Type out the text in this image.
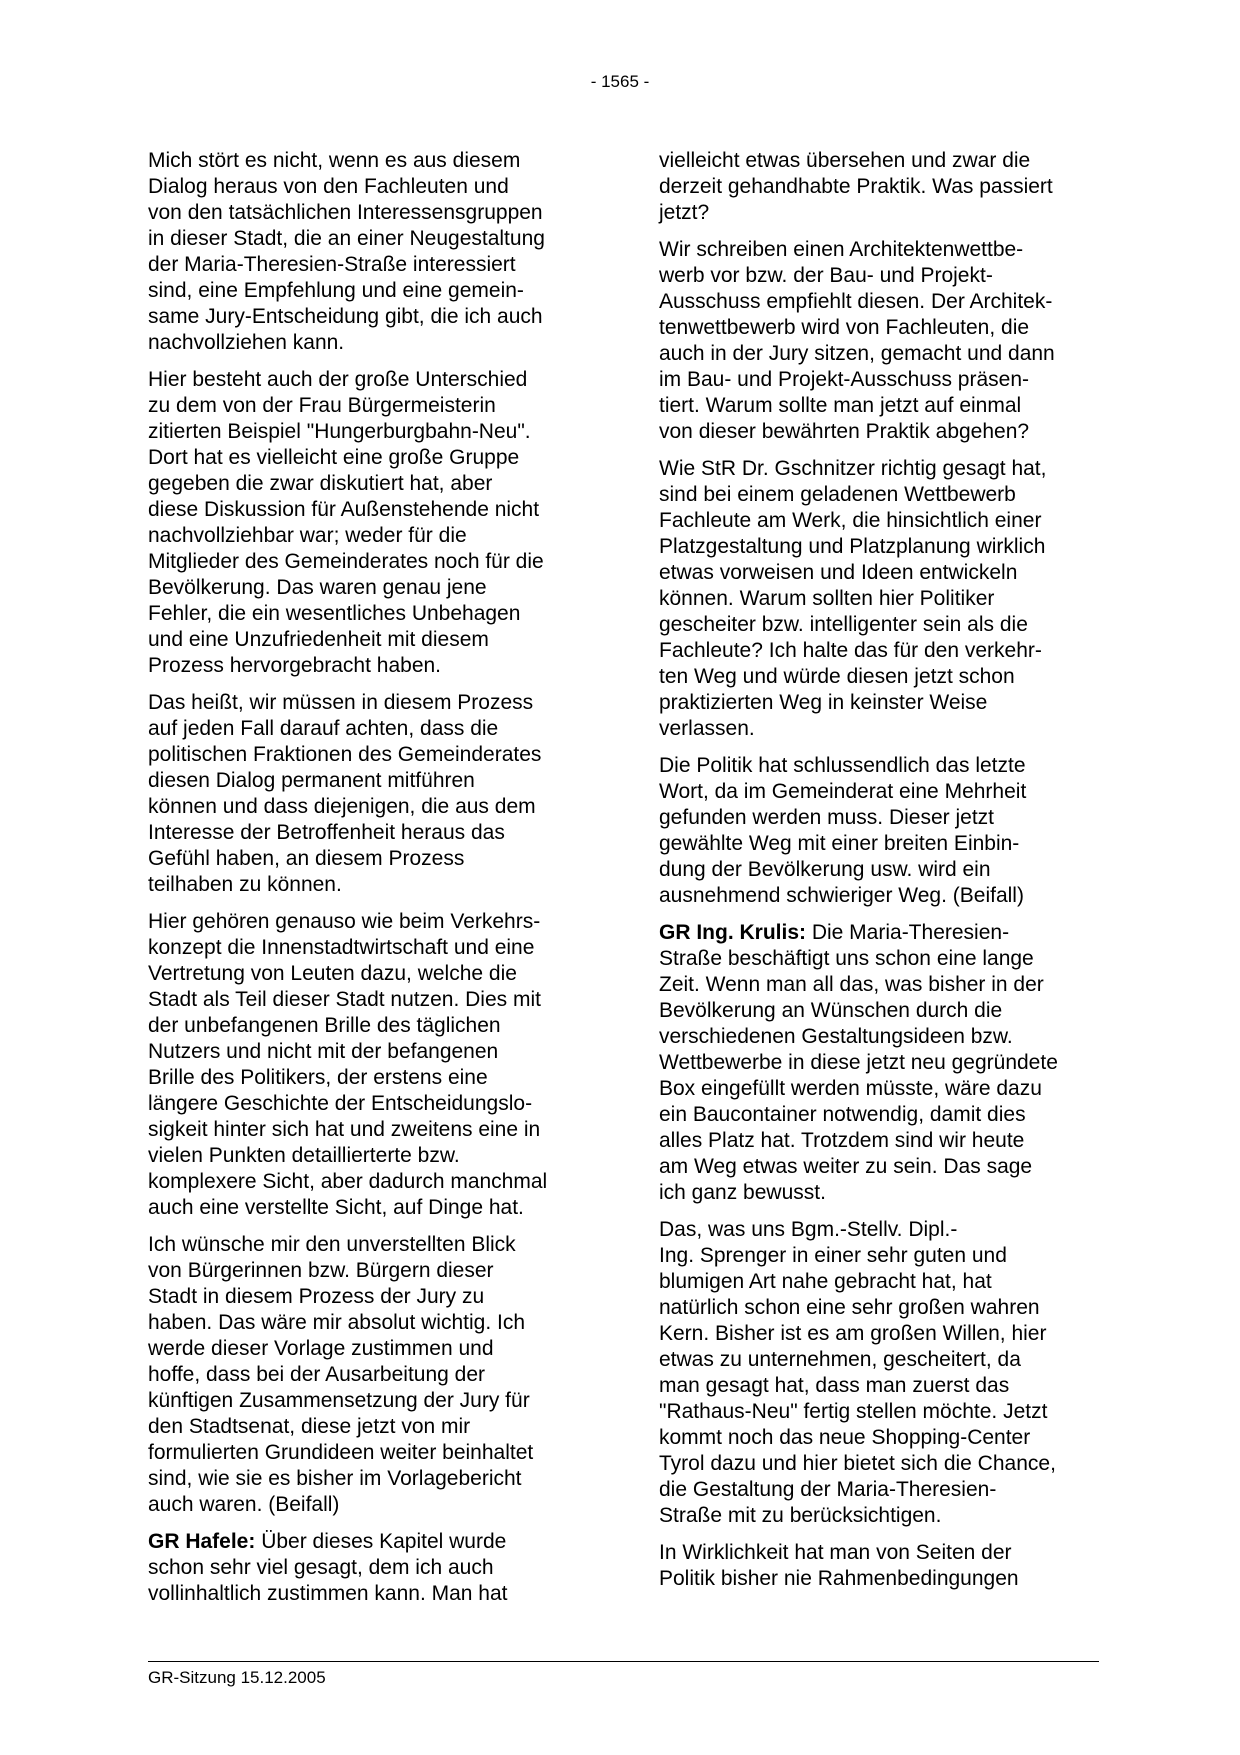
- 1565 -

Mich stört es nicht, wenn es aus diesem
Dialog heraus von den Fachleuten und
von den tatsächlichen Interessensgruppen
in dieser Stadt, die an einer Neugestaltung
der Maria-Theresien-Straße interessiert
sind, eine Empfehlung und eine gemein-
same Jury-Entscheidung gibt, die ich auch
nachvollziehen kann.

Hier besteht auch der große Unterschied
zu dem von der Frau Bürgermeisterin
zitierten Beispiel "Hungerburgbahn-Neu".
Dort hat es vielleicht eine große Gruppe
gegeben die zwar diskutiert hat, aber
diese Diskussion für Außenstehende nicht
nachvollziehbar war; weder für die
Mitglieder des Gemeinderates noch für die
Bevölkerung. Das waren genau jene
Fehler, die ein wesentliches Unbehagen
und eine Unzufriedenheit mit diesem
Prozess hervorgebracht haben.

Das heißt, wir müssen in diesem Prozess
auf jeden Fall darauf achten, dass die
politischen Fraktionen des Gemeinderates
diesen Dialog permanent mitführen
können und dass diejenigen, die aus dem
Interesse der Betroffenheit heraus das
Gefühl haben, an diesem Prozess
teilhaben zu können.

Hier gehören genauso wie beim Verkehrs-
konzept die Innenstadtwirtschaft und eine
Vertretung von Leuten dazu, welche die
Stadt als Teil dieser Stadt nutzen. Dies mit
der unbefangenen Brille des täglichen
Nutzers und nicht mit der befangenen
Brille des Politikers, der erstens eine
längere Geschichte der Entscheidungslo-
sigkeit hinter sich hat und zweitens eine in
vielen Punkten detaillierterte bzw.
komplexere Sicht, aber dadurch manchmal
auch eine verstellte Sicht, auf Dinge hat.

Ich wünsche mir den unverstellten Blick
von Bürgerinnen bzw. Bürgern dieser
Stadt in diesem Prozess der Jury zu
haben. Das wäre mir absolut wichtig. Ich
werde dieser Vorlage zustimmen und
hoffe, dass bei der Ausarbeitung der
künftigen Zusammensetzung der Jury für
den Stadtsenat, diese jetzt von mir
formulierten Grundideen weiter beinhaltet
sind, wie sie es bisher im Vorlagebericht
auch waren. (Beifall)

GR Hafele: Über dieses Kapitel wurde
schon sehr viel gesagt, dem ich auch
vollinhaltlich zustimmen kann. Man hat

vielleicht etwas übersehen und zwar die
derzeit gehandhabte Praktik. Was passiert
jetzt?

Wir schreiben einen Architektenwettbe-
werb vor bzw. der Bau- und Projekt-
Ausschuss empfiehlt diesen. Der Architek-
tenwettbewerb wird von Fachleuten, die
auch in der Jury sitzen, gemacht und dann
im Bau- und Projekt-Ausschuss präsen-
tiert. Warum sollte man jetzt auf einmal
von dieser bewährten Praktik abgehen?

Wie StR Dr. Gschnitzer richtig gesagt hat,
sind bei einem geladenen Wettbewerb
Fachleute am Werk, die hinsichtlich einer
Platzgestaltung und Platzplanung wirklich
etwas vorweisen und Ideen entwickeln
können. Warum sollten hier Politiker
gescheiter bzw. intelligenter sein als die
Fachleute? Ich halte das für den verkehr-
ten Weg und würde diesen jetzt schon
praktizierten Weg in keinster Weise
verlassen.

Die Politik hat schlussendlich das letzte
Wort, da im Gemeinderat eine Mehrheit
gefunden werden muss. Dieser jetzt
gewählte Weg mit einer breiten Einbin-
dung der Bevölkerung usw. wird ein
ausnehmend schwieriger Weg. (Beifall)

GR Ing. Krulis: Die Maria-Theresien-
Straße beschäftigt uns schon eine lange
Zeit. Wenn man all das, was bisher in der
Bevölkerung an Wünschen durch die
verschiedenen Gestaltungsideen bzw.
Wettbewerbe in diese jetzt neu gegründete
Box eingefüllt werden müsste, wäre dazu
ein Baucontainer notwendig, damit dies
alles Platz hat. Trotzdem sind wir heute
am Weg etwas weiter zu sein. Das sage
ich ganz bewusst.

Das, was uns Bgm.-Stellv. Dipl.-
Ing. Sprenger in einer sehr guten und
blumigen Art nahe gebracht hat, hat
natürlich schon eine sehr großen wahren
Kern. Bisher ist es am großen Willen, hier
etwas zu unternehmen, gescheitert, da
man gesagt hat, dass man zuerst das
"Rathaus-Neu" fertig stellen möchte. Jetzt
kommt noch das neue Shopping-Center
Tyrol dazu und hier bietet sich die Chance,
die Gestaltung der Maria-Theresien-
Straße mit zu berücksichtigen.

In Wirklichkeit hat man von Seiten der
Politik bisher nie Rahmenbedingungen

GR-Sitzung 15.12.2005
